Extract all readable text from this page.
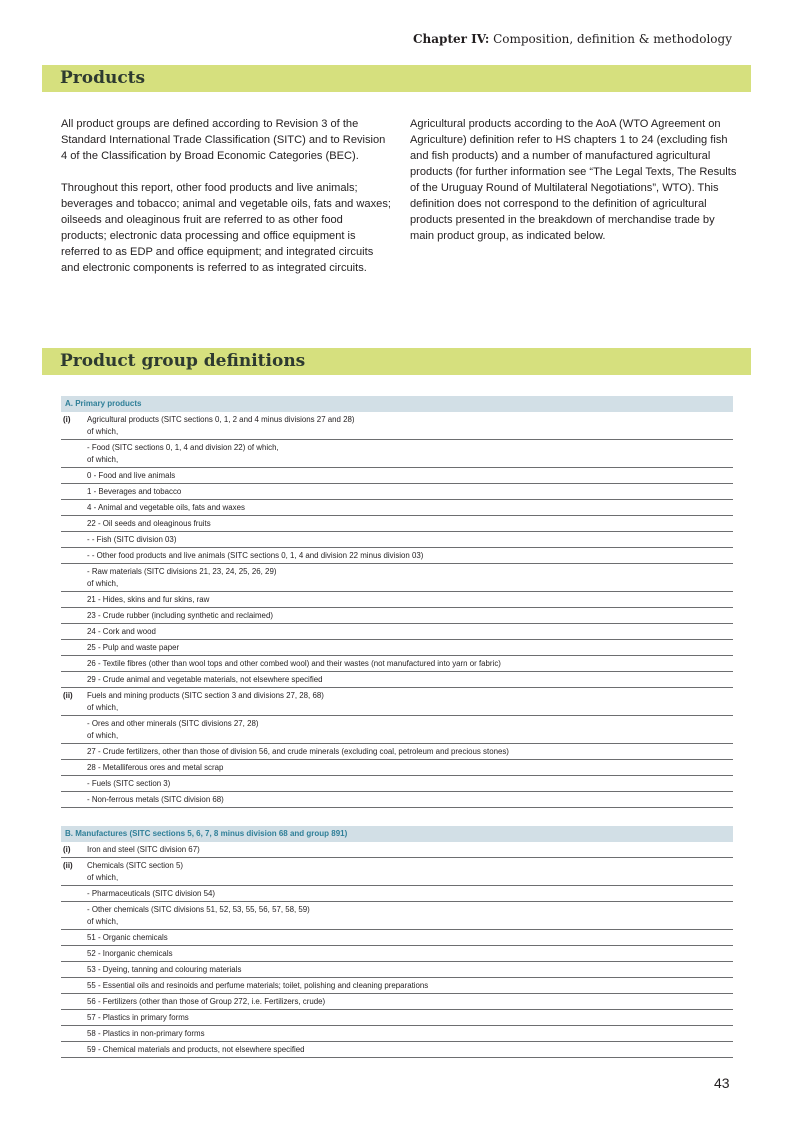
Chapter IV: Composition, definition & methodology
Products

All product groups are defined according to Revision 3 of the Standard International Trade Classification (SITC) and to Revision 4 of the Classification by Broad Economic Categories (BEC).

Throughout this report, other food products and live animals; beverages and tobacco; animal and vegetable oils, fats and waxes; oilseeds and oleaginous fruit are referred to as other food products; electronic data processing and office equipment is referred to as EDP and office equipment; and integrated circuits and electronic components is referred to as integrated circuits.

Agricultural products according to the AoA (WTO Agreement on Agriculture) definition refer to HS chapters 1 to 24 (excluding fish and fish products) and a number of manufactured agricultural products (for further information see “The Legal Texts, The Results of the Uruguay Round of Multilateral Negotiations”, WTO). This definition does not correspond to the definition of agricultural products presented in the breakdown of merchandise trade by main product group, as indicated below.

Product group definitions
A. Primary products
(i)	Agricultural products (SITC sections 0, 1, 2 and 4 minus divisions 27 and 28)
of which,
- Food (SITC sections 0, 1, 4 and division 22) of which,
of which,
0 - Food and live animals
1 - Beverages and tobacco
4 - Animal and vegetable oils, fats and waxes
22 - Oil seeds and oleaginous fruits
- - Fish (SITC division 03)
- - Other food products and live animals (SITC sections 0, 1, 4 and division 22 minus division 03)
- Raw materials (SITC divisions 21, 23, 24, 25, 26, 29)
of which,
21 - Hides, skins and fur skins, raw
23 - Crude rubber (including synthetic and reclaimed)
24 - Cork and wood
25 - Pulp and waste paper
26 - Textile fibres (other than wool tops and other combed wool) and their wastes (not manufactured into yarn or fabric)
29 - Crude animal and vegetable materials, not elsewhere specified
(ii)	Fuels and mining products (SITC section 3 and divisions 27, 28, 68)
of which,
- Ores and other minerals (SITC divisions 27, 28)
of which,
27 - Crude fertilizers, other than those of division 56, and crude minerals (excluding coal, petroleum and precious stones)
28 - Metalliferous ores and metal scrap
- Fuels (SITC section 3)
- Non-ferrous metals (SITC division 68)
B. Manufactures (SITC sections 5, 6, 7, 8 minus division 68 and group 891)
(i)	Iron and steel (SITC division 67)
(ii)	Chemicals (SITC section 5)
of which,
- Pharmaceuticals (SITC division 54)
- Other chemicals (SITC divisions 51, 52, 53, 55, 56, 57, 58, 59)
of which,
51 - Organic chemicals
52 - Inorganic chemicals
53 - Dyeing, tanning and colouring materials
55 - Essential oils and resinoids and perfume materials; toilet, polishing and cleaning preparations
56 - Fertilizers (other than those of Group 272, i.e. Fertilizers, crude)
57 - Plastics in primary forms
58 - Plastics in non-primary forms
59 - Chemical materials and products, not elsewhere specified
43
